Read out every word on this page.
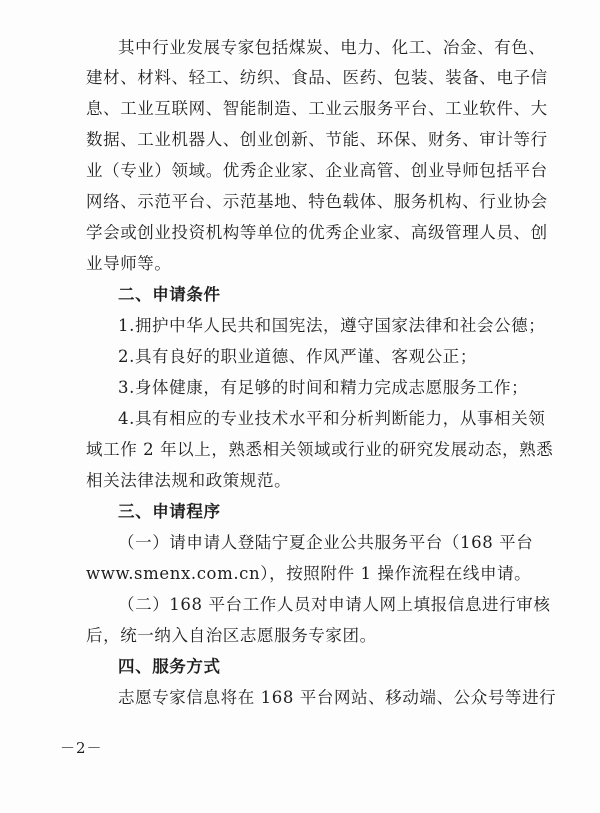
其中行业发展专家包括煤炭、电力、化工、冶金、有色、
建材、材料、轻工、纺织、食品、医药、包装、装备、电子信
息、工业互联网、智能制造、工业云服务平台、工业软件、大
数据、工业机器人、创业创新、节能、环保、财务、审计等行
业（专业）领域。优秀企业家、企业高管、创业导师包括平台
网络、示范平台、示范基地、特色载体、服务机构、行业协会
学会或创业投资机构等单位的优秀企业家、高级管理人员、创
业导师等。
二、申请条件
1.拥护中华人民共和国宪法，遵守国家法律和社会公德；
2.具有良好的职业道德、作风严谨、客观公正；
3.身体健康，有足够的时间和精力完成志愿服务工作；
4.具有相应的专业技术水平和分析判断能力，从事相关领
域工作 2 年以上，熟悉相关领域或行业的研究发展动态，熟悉
相关法律法规和政策规范。
三、申请程序
（一）请申请人登陆宁夏企业公共服务平台（168 平台
www.smenx.com.cn），按照附件 1 操作流程在线申请。
（二）168 平台工作人员对申请人网上填报信息进行审核
后，统一纳入自治区志愿服务专家团。
四、服务方式
志愿专家信息将在 168 平台网站、移动端、公众号等进行
－2－
